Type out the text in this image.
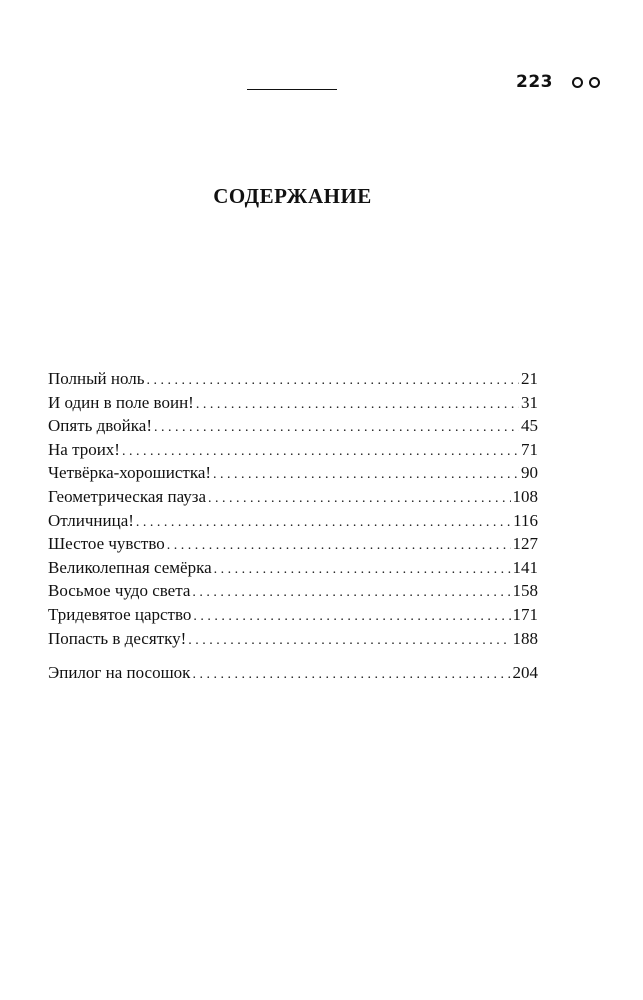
223
СОДЕРЖАНИЕ
Полный ноль . . .	21
И один в поле воин! . . .	31
Опять двойка! . . .	45
На троих! . . .	71
Четвёрка-хорошистка! . . .	90
Геометрическая пауза . . .	108
Отличница! . . .	116
Шестое чувство . . .	127
Великолепная семёрка . . .	141
Восьмое чудо света . . .	158
Тридевятое царство . . .	171
Попасть в десятку! . . .	188
Эпилог на посошок . . .	204
